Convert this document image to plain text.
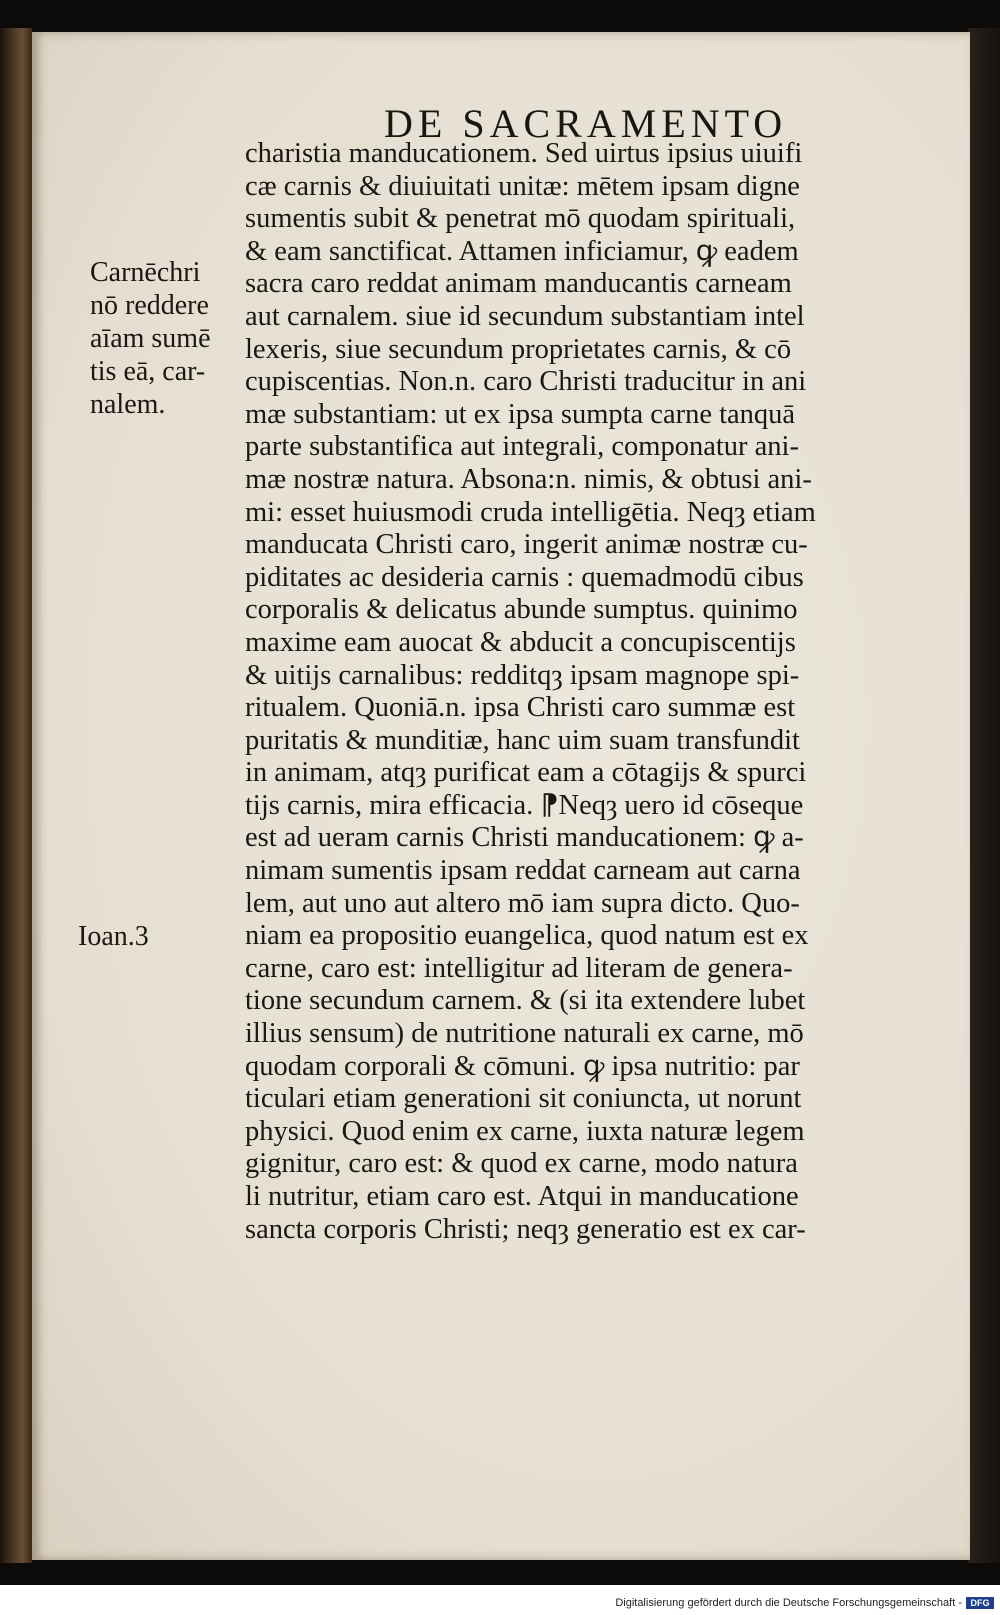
DE SACRAMENTO
Carnēchri
nō reddere
aīam sumē
tis eā, car-
nalem.
Ioan.3
charistia manducationem. Sed uirtus ipsius uiuifi
cæ carnis & diuiuitati unitæ: mētem ipsam digne
sumentis subit & penetrat mō quodam spirituali,
& eam sanctificat. Attamen inficiamur, ꝙ eadem
sacra caro reddat animam manducantis carneam
aut carnalem. siue id secundum substantiam intel
lexeris, siue secundum proprietates carnis, & cō
cupiscentias. Non.n. caro Christi traducitur in ani
mæ substantiam: ut ex ipsa sumpta carne tanquā
parte substantifica aut integrali, componatur ani-
mæ nostræ natura. Absona:n. nimis, & obtusi ani-
mi: esset huiusmodi cruda intelligētia. Neqȝ etiam
manducata Christi caro, ingerit animæ nostræ cu-
piditates ac desideria carnis : quemadmodū cibus
corporalis & delicatus abunde sumptus. quinimo
maxime eam auocat & abducit a concupiscentijs
& uitijs carnalibus: redditqȝ ipsam magnope spi-
ritualem. Quoniā.n. ipsa Christi caro summæ est
puritatis & munditiæ, hanc uim suam transfundit
in animam, atqȝ purificat eam a cōtagijs & spurci
tijs carnis, mira efficacia. ⁋Neqȝ uero id cōseque
est ad ueram carnis Christi manducationem: ꝙ a-
nimam sumentis ipsam reddat carneam aut carna
lem, aut uno aut altero mō iam supra dicto. Quo-
niam ea propositio euangelica, quod natum est ex
carne, caro est: intelligitur ad literam de genera-
tione secundum carnem. & (si ita extendere lubet
illius sensum) de nutritione naturali ex carne, mō
quodam corporali & cōmuni. ꝙ ipsa nutritio: par
ticulari etiam generationi sit coniuncta, ut norunt
physici. Quod enim ex carne, iuxta naturæ legem
gignitur, caro est: & quod ex carne, modo natura
li nutritur, etiam caro est. Atqui in manducatione
sancta corporis Christi; neqȝ generatio est ex car-
Digitalisierung gefördert durch die Deutsche Forschungsgemeinschaft - DFG
